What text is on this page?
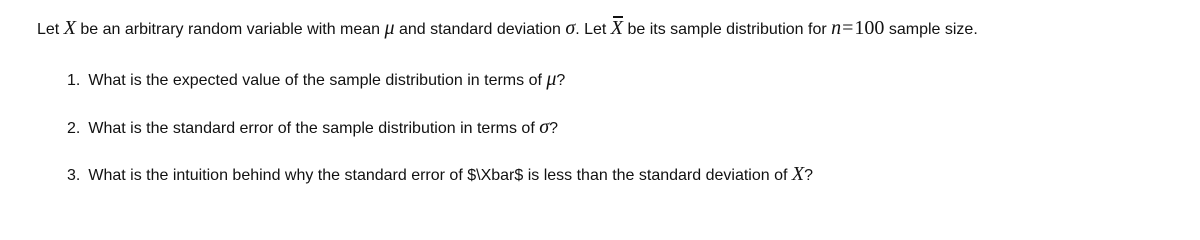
Let X be an arbitrary random variable with mean μ and standard deviation σ. Let X be its sample distribution for n=100 sample size.
1. What is the expected value of the sample distribution in terms of μ?
2. What is the standard error of the sample distribution in terms of σ?
3. What is the intuition behind why the standard error of $\Xbar$ is less than the standard deviation of X?
